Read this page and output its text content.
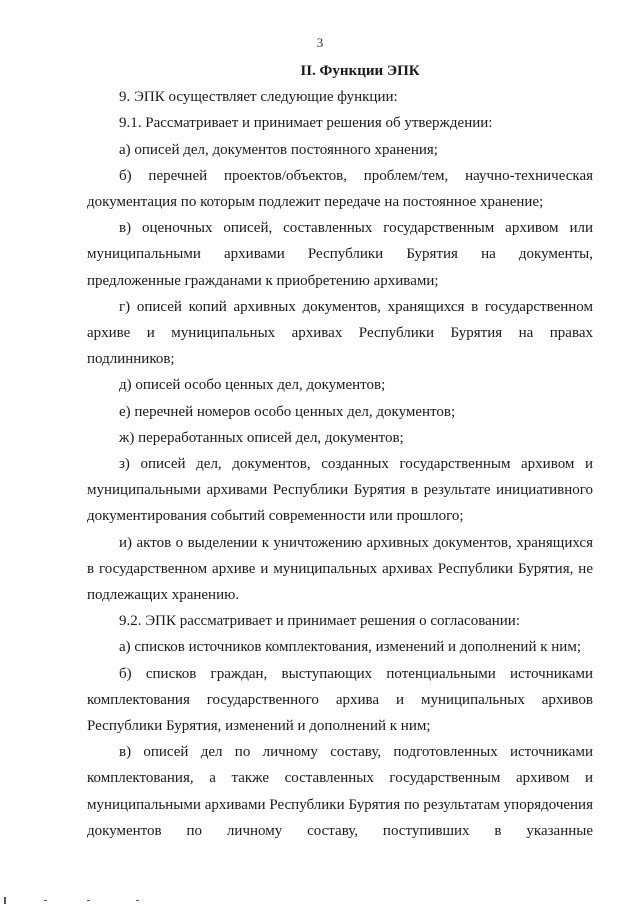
3

II. Функции ЭПК

9. ЭПК осуществляет следующие функции:

9.1. Рассматривает и принимает решения об утверждении:

а) описей дел, документов постоянного хранения;

б) перечней проектов/объектов, проблем/тем, научно-техническая документация по которым подлежит передаче на постоянное хранение;

в) оценочных описей, составленных государственным архивом или муниципальными архивами Республики Бурятия на документы, предложенные гражданами к приобретению архивами;

г) описей копий архивных документов, хранящихся в государственном архиве и муниципальных архивах Республики Бурятия на правах подлинников;

д) описей особо ценных дел, документов;

е) перечней номеров особо ценных дел, документов;

ж) переработанных описей дел, документов;

з) описей дел, документов, созданных государственным архивом и муниципальными архивами Республики Бурятия в результате инициативного документирования событий современности или прошлого;

и) актов о выделении к уничтожению архивных документов, хранящихся в государственном архиве и муниципальных архивах Республики Бурятия, не подлежащих хранению.

9.2. ЭПК рассматривает и принимает решения о согласовании:

а) списков источников комплектования, изменений и дополнений к ним;

б) списков граждан, выступающих потенциальными источниками комплектования государственного архива и муниципальных архивов Республики Бурятия, изменений и дополнений к ним;

в) описей дел по личному составу, подготовленных источниками комплектования, а также составленных государственным архивом и муниципальными архивами Республики Бурятия по результатам упорядочения документов по личному составу, поступивших в указанные
